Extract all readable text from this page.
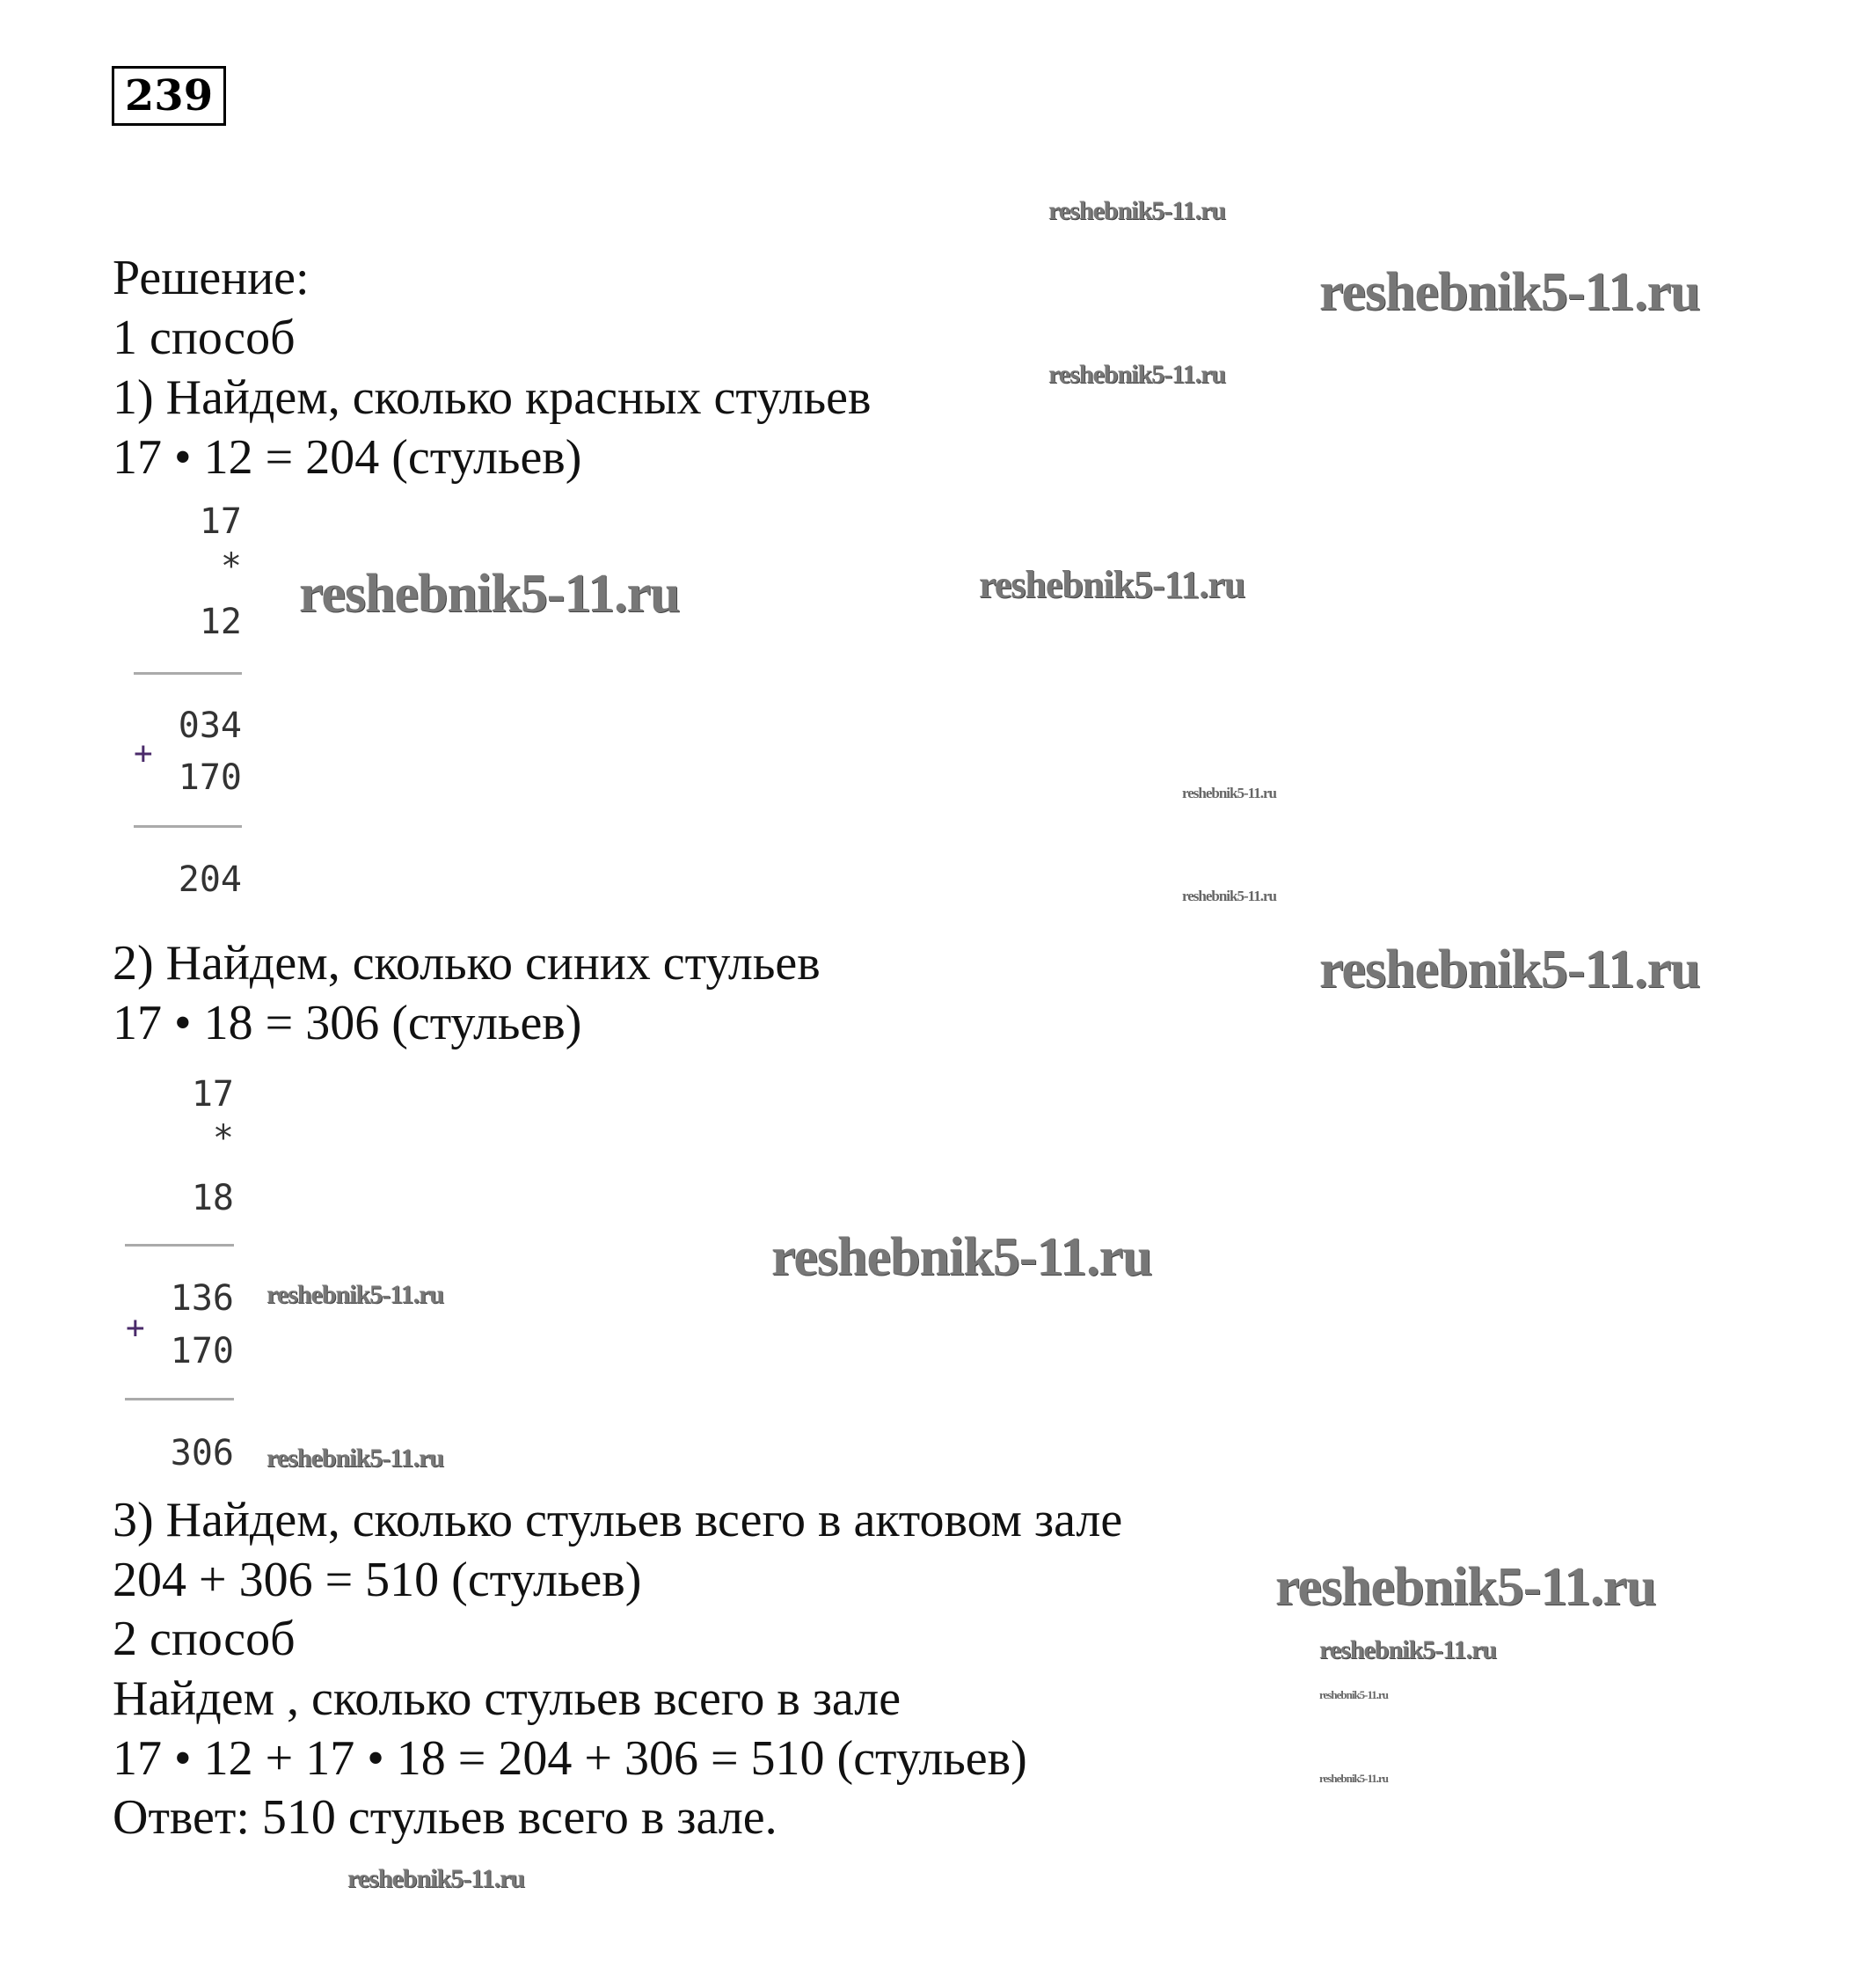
239
Решение:
1 способ
1) Найдем, сколько красных стульев
17 • 12 = 204 (стульев)
17
*
12
034
+
170
204
2) Найдем, сколько синих стульев
17 • 18 = 306 (стульев)
17
*
18
136
+
170
306
3) Найдем, сколько стульев всего в актовом зале
204 + 306 = 510 (стульев)
2 способ
Найдем , сколько стульев всего в зале
17 • 12 + 17 • 18 = 204 + 306 = 510 (стульев)
Ответ: 510 стульев всего в зале.
reshebnik5-11.ru
reshebnik5-11.ru
reshebnik5-11.ru
reshebnik5-11.ru	reshebnik5-11.ru
reshebnik5-11.ru
reshebnik5-11.ru
reshebnik5-11.ru
reshebnik5-11.ru
reshebnik5-11.ru
reshebnik5-11.ru
reshebnik5-11.ru
reshebnik5-11.ru
reshebnik5-11.ru
reshebnik5-11.ru
reshebnik5-11.ru
